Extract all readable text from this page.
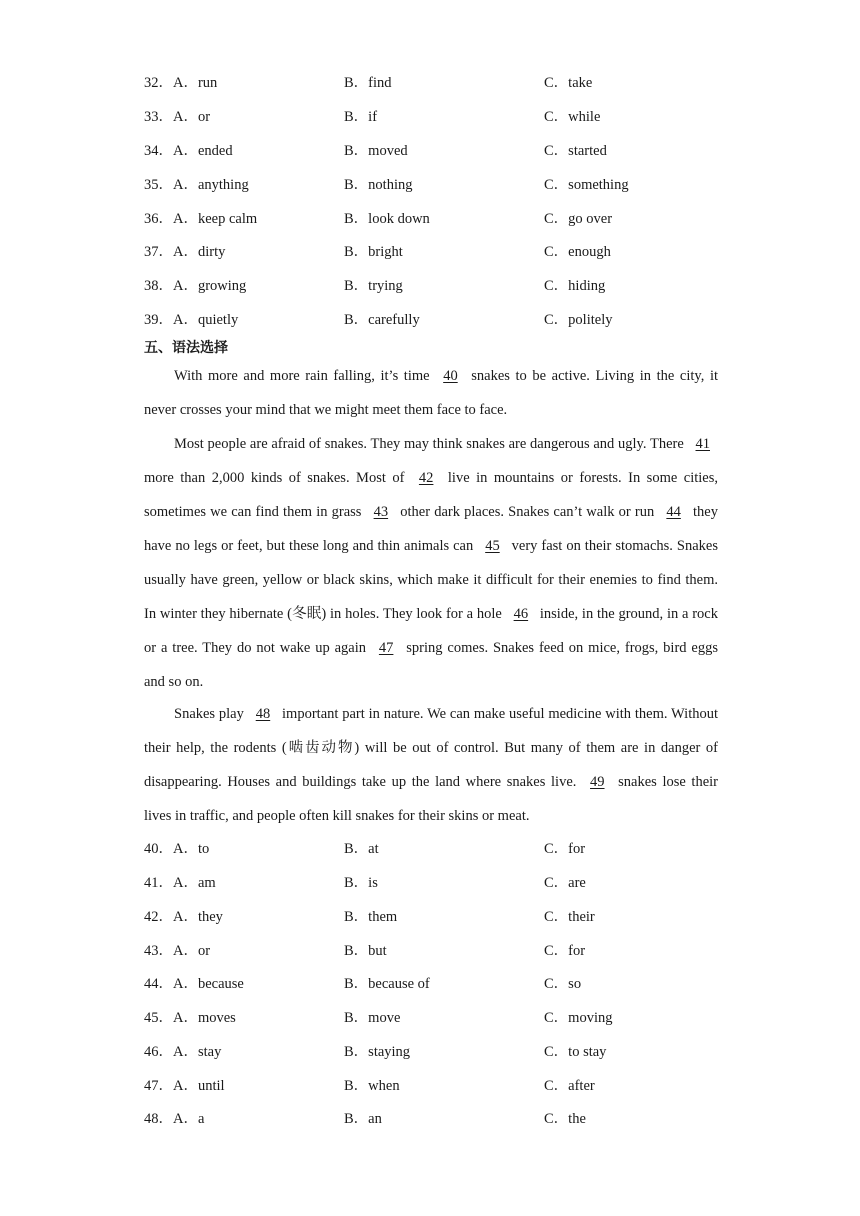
32．A．run	B．find	C．take
33．A．or	B．if	C．while
34．A．ended	B．moved	C．started
35．A．anything	B．nothing	C．something
36．A．keep calm	B．look down	C．go over
37．A．dirty	B．bright	C．enough
38．A．growing	B．trying	C．hiding
39．A．quietly	B．carefully	C．politely
五、语法选择

With more and more rain falling, it’s time 40 snakes to be active. Living in the city, it never crosses your mind that we might meet them face to face.

Most people are afraid of snakes. They may think snakes are dangerous and ugly. There 41 more than 2,000 kinds of snakes. Most of 42 live in mountains or forests. In some cities, sometimes we can find them in grass 43 other dark places. Snakes can’t walk or run 44 they have no legs or feet, but these long and thin animals can 45 very fast on their stomachs. Snakes usually have green, yellow or black skins, which make it difficult for their enemies to find them. In winter they hibernate (冬眠) in holes. They look for a hole 46 inside, in the ground, in a rock or a tree. They do not wake up again 47 spring comes. Snakes feed on mice, frogs, bird eggs and so on.

Snakes play 48 important part in nature. We can make useful medicine with them. Without their help, the rodents (啮齿动物) will be out of control. But many of them are in danger of disappearing. Houses and buildings take up the land where snakes live. 49 snakes lose their lives in traffic, and people often kill snakes for their skins or meat.

40．A．to	B．at	C．for
41．A．am	B．is	C．are
42．A．they	B．them	C．their
43．A．or	B．but	C．for
44．A．because	B．because of	C．so
45．A．moves	B．move	C．moving
46．A．stay	B．staying	C．to stay
47．A．until	B．when	C．after
48．A．a	B．an	C．the
